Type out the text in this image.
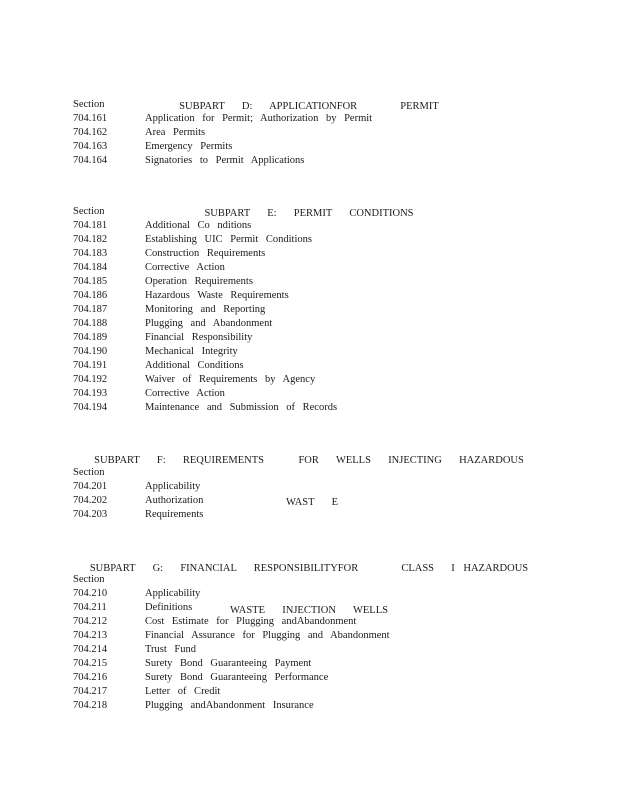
SUBPART  D:  APPLICATIONFOR     PERMIT

Section
704.161	Application for Permit; Authorization by Permit
704.162	Area Permits
704.163	Emergency Permits
704.164	Signatories to Permit Applications

SUBPART  E:  PERMIT  CONDITIONS

Section
704.181	Additional Co nditions
704.182	Establishing UIC Permit Conditions
704.183	Construction Requirements
704.184	Corrective Action
704.185	Operation Requirements
704.186	Hazardous Waste Requirements
704.187	Monitoring and Reporting
704.188	Plugging and Abandonment
704.189	Financial Responsibility
704.190	Mechanical Integrity
704.191	Additional Conditions
704.192	Waiver of Requirements by Agency
704.193	Corrective Action
704.194	Maintenance and Submission of Records

SUBPART  F:  REQUIREMENTS    FOR  WELLS  INJECTING  HAZARDOUS

WAST  E

Section
704.201	Applicability
704.202	Authorization
704.203	Requirements

SUBPART  G:  FINANCIAL  RESPONSIBILITYFOR     CLASS  I HAZARDOUS

WASTE  INJECTION  WELLS

Section
704.210	Applicability
704.211	Definitions
704.212	Cost Estimate for Plugging andAbandonment
704.213	Financial Assurance for Plugging and Abandonment
704.214	Trust Fund
704.215	Surety Bond Guaranteeing Payment
704.216	Surety Bond Guaranteeing Performance
704.217	Letter of Credit
704.218	Plugging andAbandonment Insurance
